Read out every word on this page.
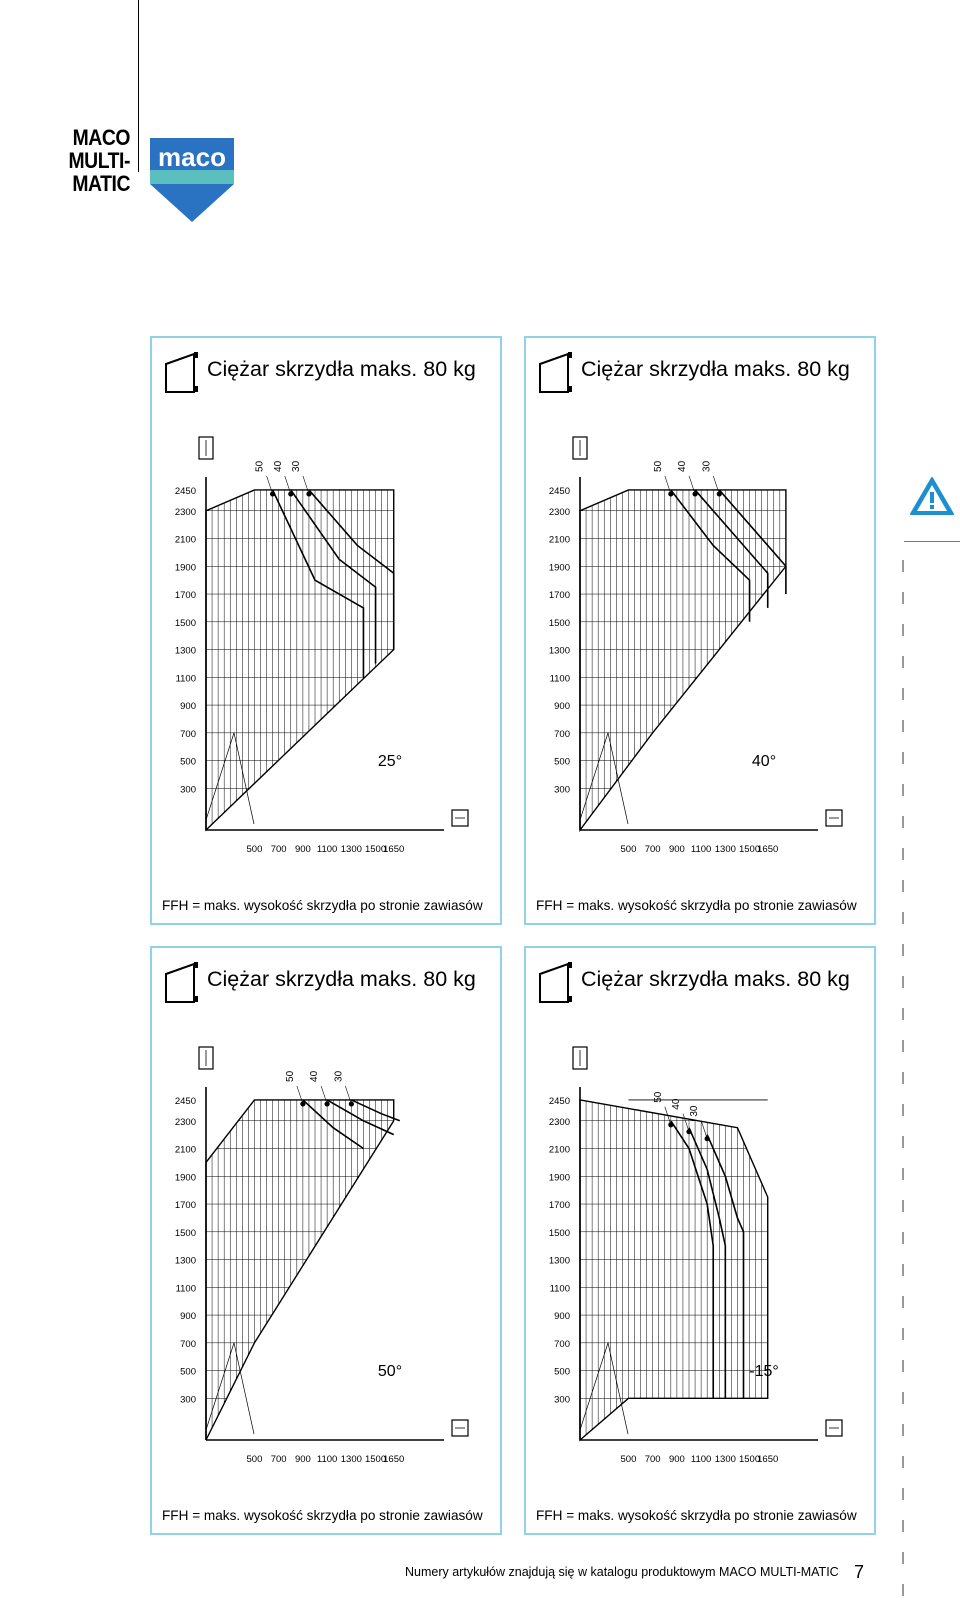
MACO
MULTI-MATIC
maco
Ciężar skrzydła maks. 80 kg
300
500
700
900
1100
1300
1500
1700
1900
2100
2300
2450
500 700 900 1100 1300 1500
1650
50 40 30
25°
FFH = maks. wysokość skrzydła po stronie zawiasów
Ciężar skrzydła maks. 80 kg
300
500
700
900
1100
1300
1500
1700
1900
2100
2300
2450
500 700 900 1100 1300 1500
1650
50 40 30
40°
FFH = maks. wysokość skrzydła po stronie zawiasów
Ciężar skrzydła maks. 80 kg
300
500
700
900
1100
1300
1500
1700
1900
2100
2300
2450
500 700 900 1100 1300 1500
1650
50 40 30
50°
FFH = maks. wysokość skrzydła po stronie zawiasów
Ciężar skrzydła maks. 80 kg
300
500
700
900
1100
1300
1500
1700
1900
2100
2300
2450
500 700 900 1100 1300 1500
1650
50
40
30
-15°
FFH = maks. wysokość skrzydła po stronie zawiasów
Numery artykułów znajdują się w katalogu produktowym MACO MULTI-MATIC 7
